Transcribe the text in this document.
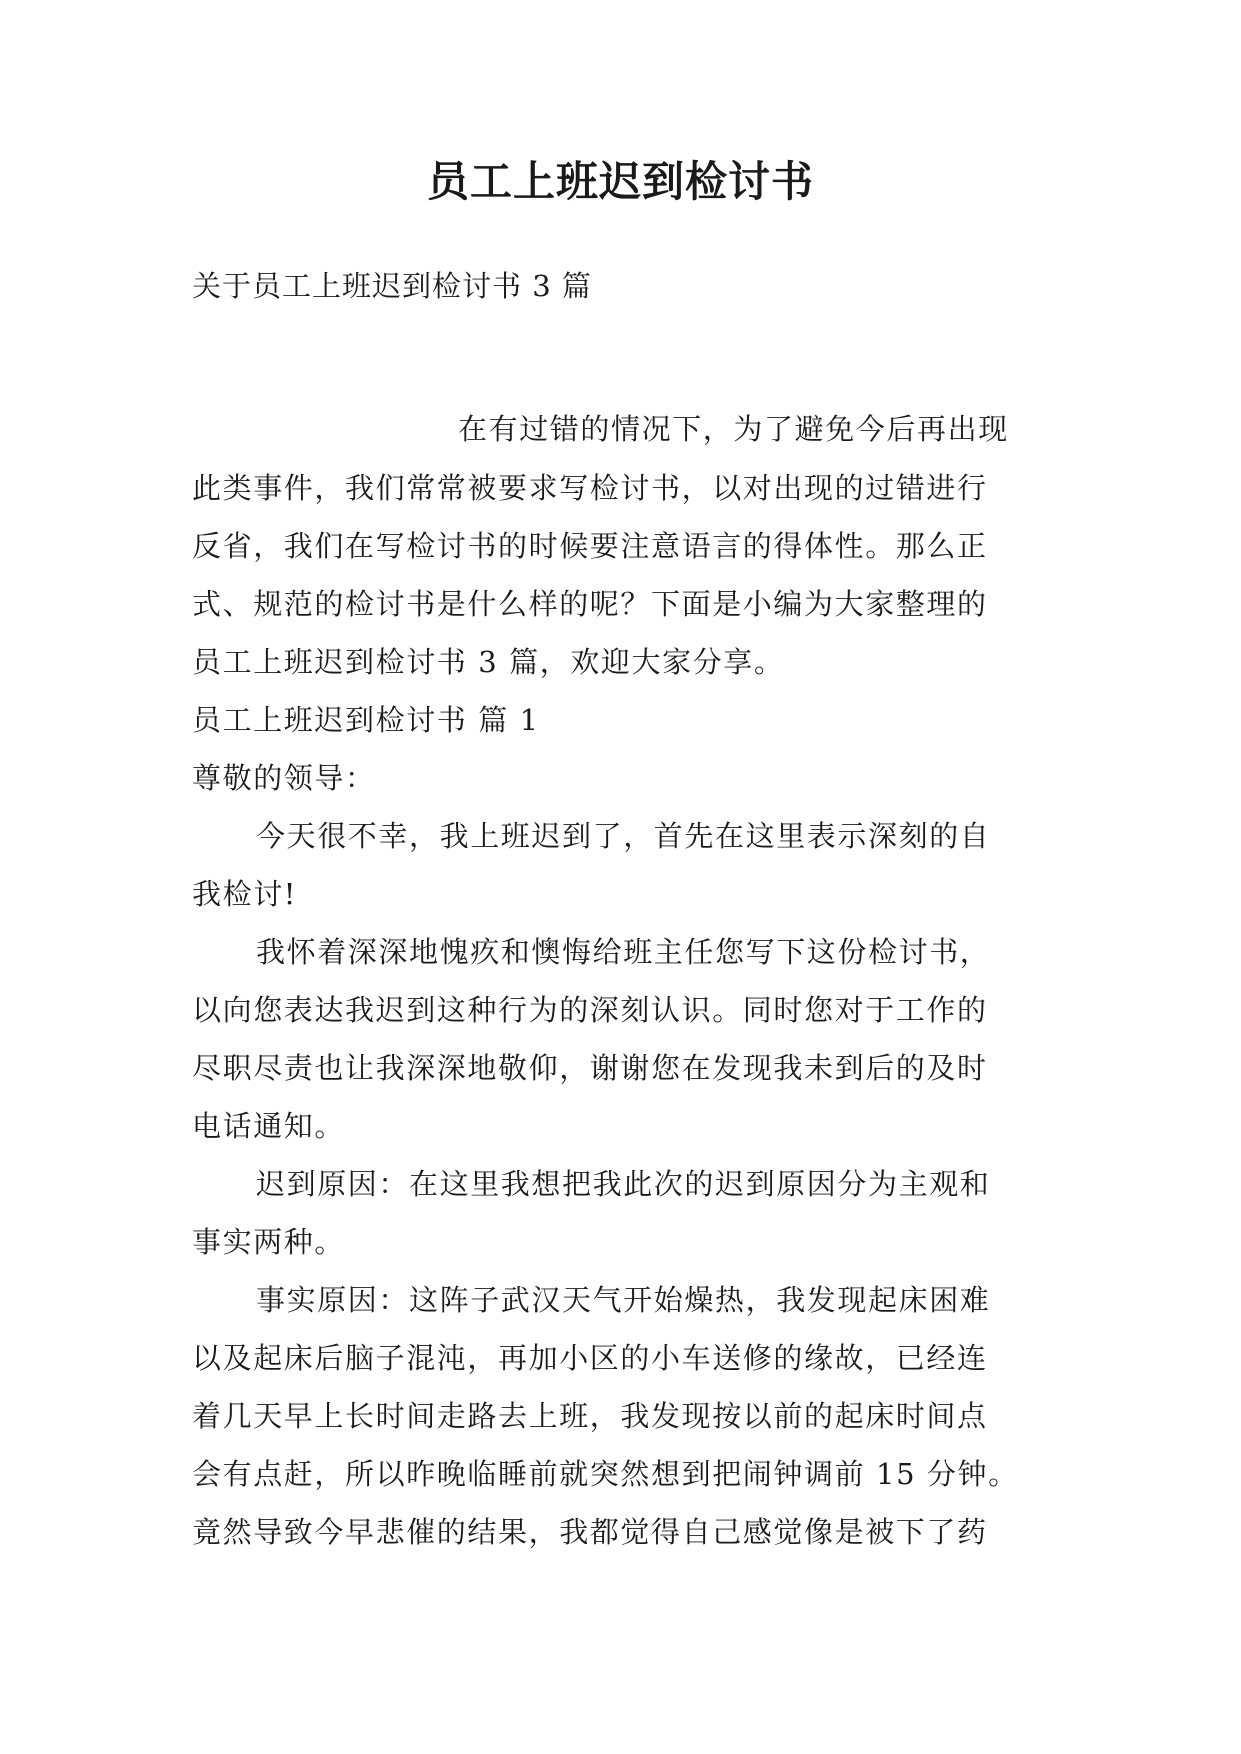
员工上班迟到检讨书
关于员工上班迟到检讨书 3 篇
在有过错的情况下，为了避免今后再出现
此类事件，我们常常被要求写检讨书，以对出现的过错进行
反省，我们在写检讨书的时候要注意语言的得体性。那么正
式、规范的检讨书是什么样的呢？下面是小编为大家整理的
员工上班迟到检讨书 3 篇，欢迎大家分享。
员工上班迟到检讨书 篇 1
尊敬的领导：
今天很不幸，我上班迟到了，首先在这里表示深刻的自
我检讨!
我怀着深深地愧疚和懊悔给班主任您写下这份检讨书，
以向您表达我迟到这种行为的深刻认识。同时您对于工作的
尽职尽责也让我深深地敬仰，谢谢您在发现我未到后的及时
电话通知。
迟到原因：在这里我想把我此次的迟到原因分为主观和
事实两种。
事实原因：这阵子武汉天气开始燥热，我发现起床困难
以及起床后脑子混沌，再加小区的小车送修的缘故，已经连
着几天早上长时间走路去上班，我发现按以前的起床时间点
会有点赶，所以昨晚临睡前就突然想到把闹钟调前 15 分钟。
竟然导致今早悲催的结果，我都觉得自己感觉像是被下了药
